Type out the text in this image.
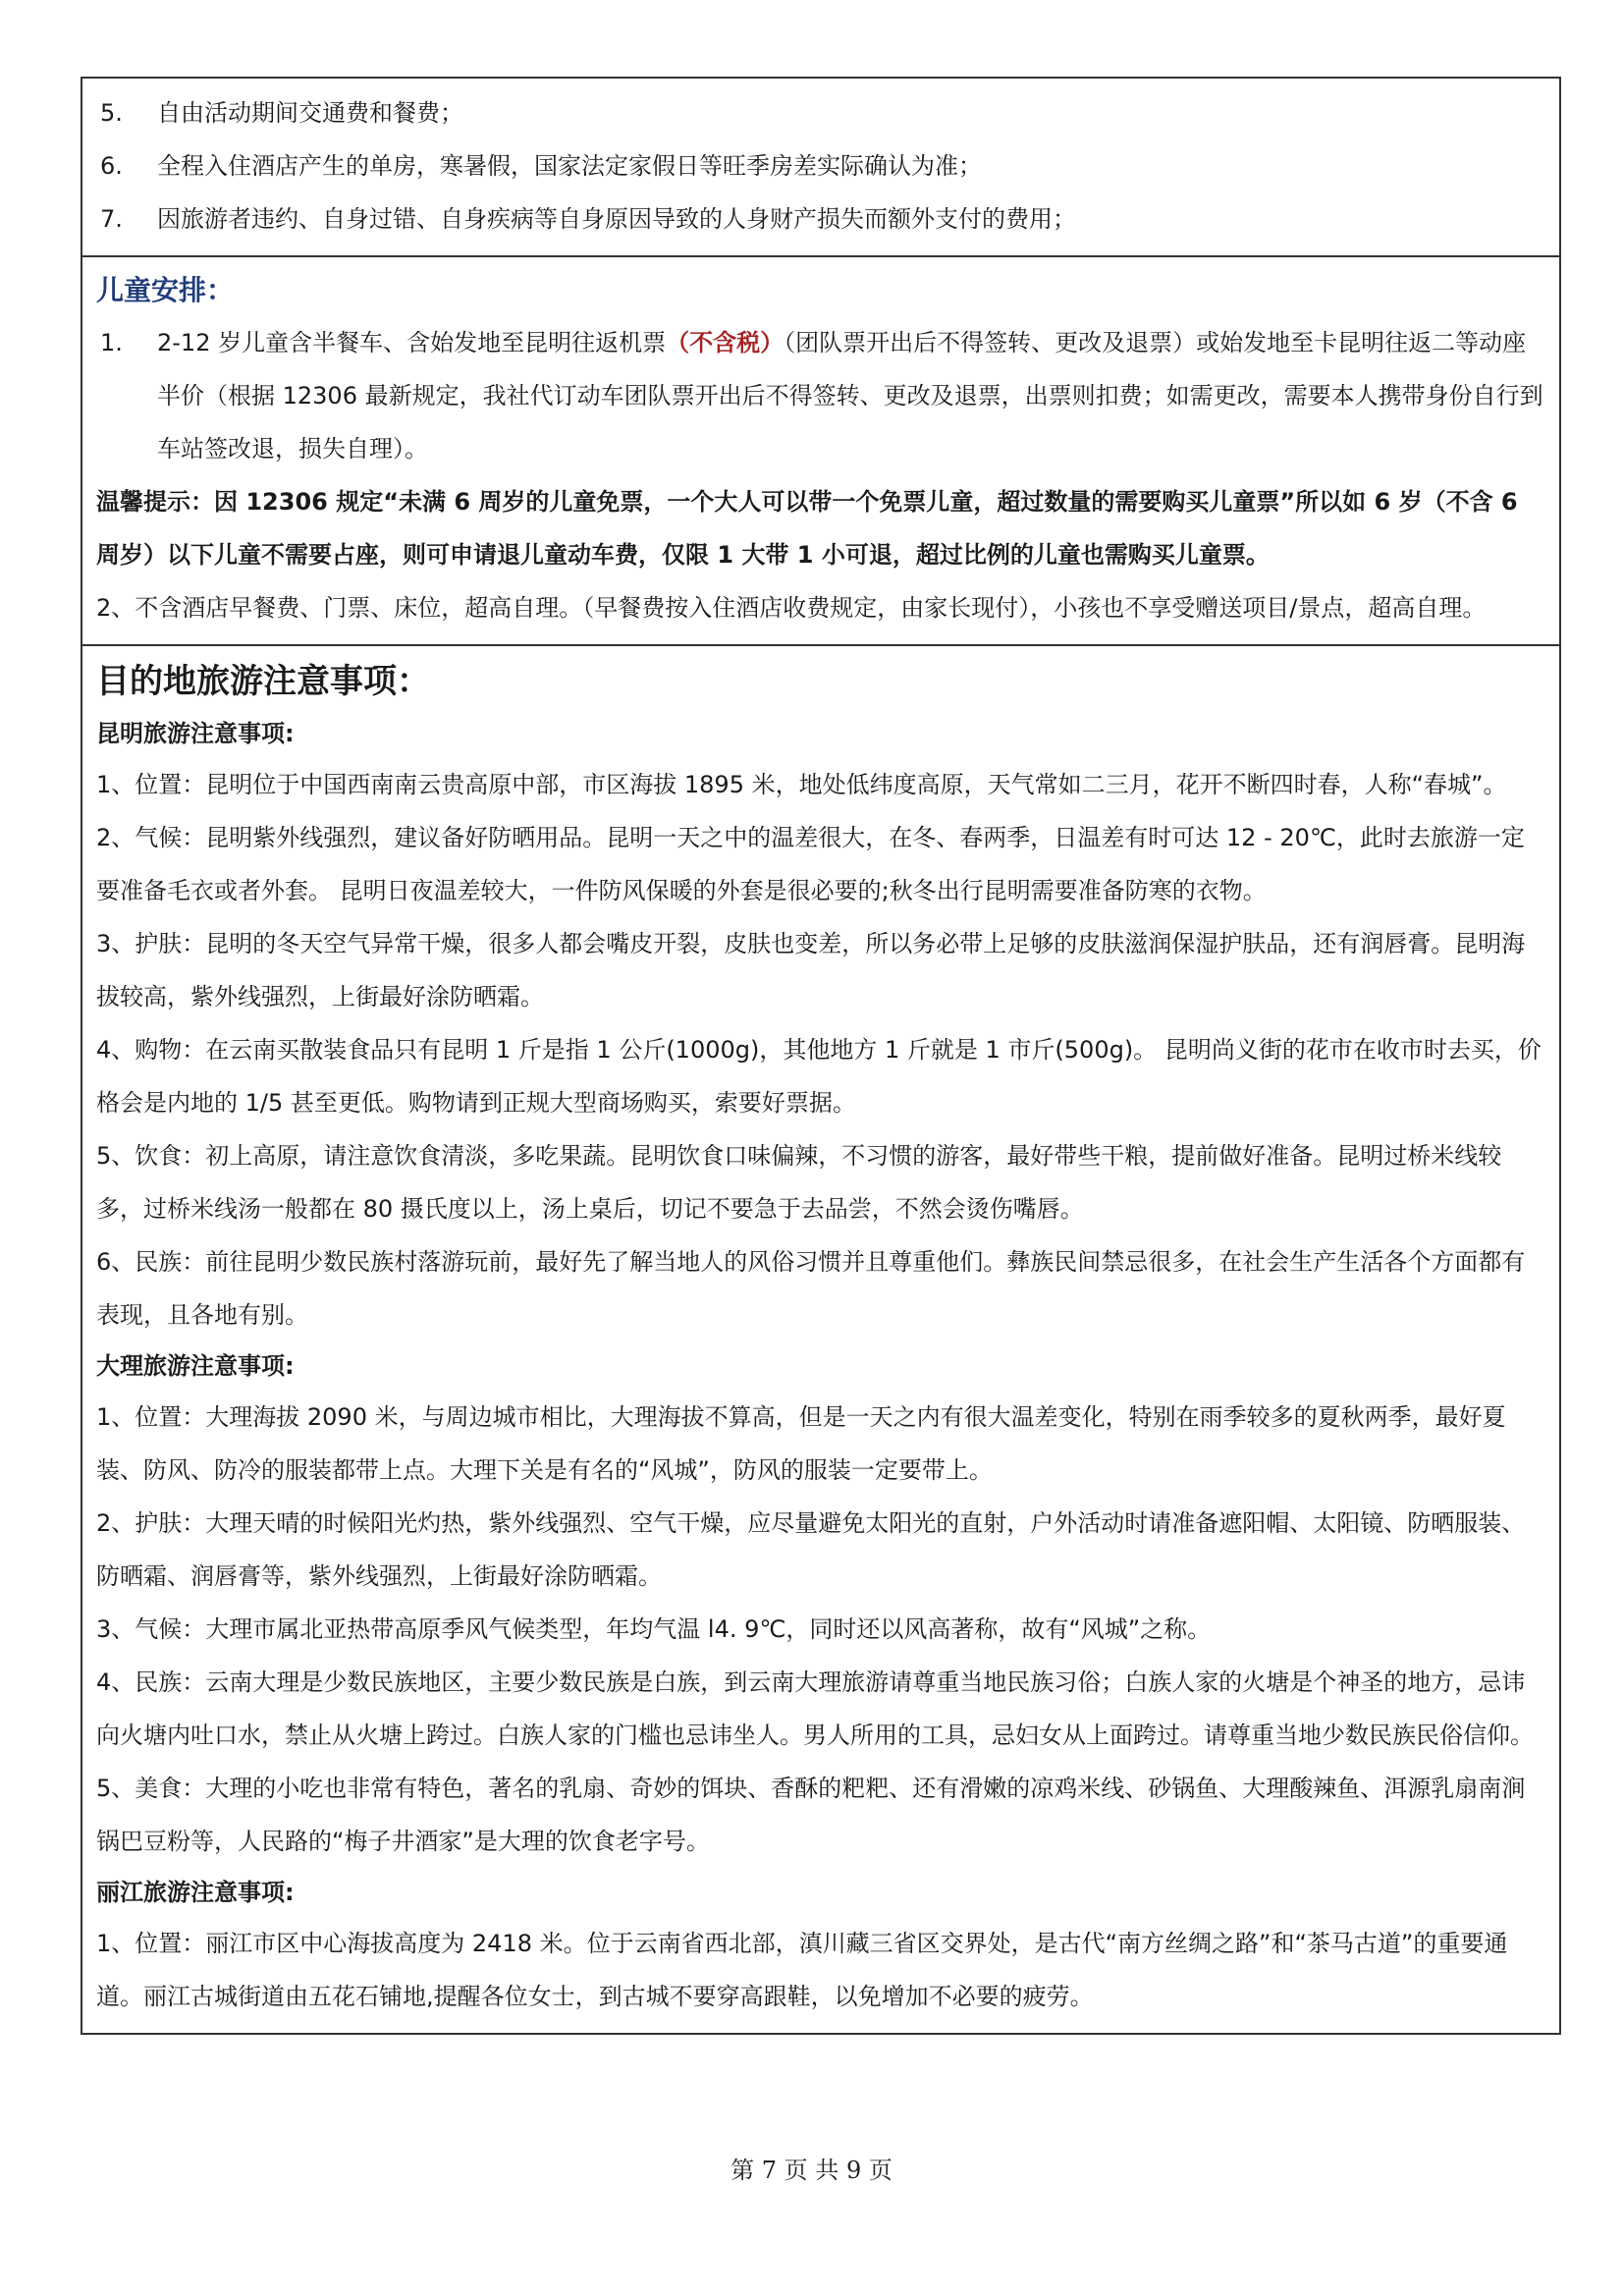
5.	自由活动期间交通费和餐费；
6.	全程入住酒店产生的单房，寒暑假，国家法定家假日等旺季房差实际确认为准；
7.	因旅游者违约、自身过错、自身疾病等自身原因导致的人身财产损失而额外支付的费用；
儿童安排：
1.	2-12 岁儿童含半餐车、含始发地至昆明往返机票（不含税）（团队票开出后不得签转、更改及退票）或始发地至卡昆明往返二等动座半价（根据 12306 最新规定，我社代订动车团队票开出后不得签转、更改及退票，出票则扣费；如需更改，需要本人携带身份自行到车站签改退，损失自理）。
温馨提示：因 12306 规定“未满 6 周岁的儿童免票，一个大人可以带一个免票儿童，超过数量的需要购买儿童票”所以如 6 岁（不含 6 周岁）以下儿童不需要占座，则可申请退儿童动车费，仅限 1 大带 1 小可退，超过比例的儿童也需购买儿童票。
2、不含酒店早餐费、门票、床位，超高自理。（早餐费按入住酒店收费规定，由家长现付），小孩也不享受赠送项目/景点，超高自理。
目的地旅游注意事项：
昆明旅游注意事项:
1、位置：昆明位于中国西南南云贵高原中部，市区海拔 1895 米，地处低纬度高原，天气常如二三月，花开不断四时春，人称“春城”。
2、气候：昆明紫外线强烈，建议备好防晒用品。昆明一天之中的温差很大，在冬、春两季，日温差有时可达 12 - 20℃，此时去旅游一定要准备毛衣或者外套。 昆明日夜温差较大，一件防风保暖的外套是很必要的;秋冬出行昆明需要准备防寒的衣物。
3、护肤：昆明的冬天空气异常干燥，很多人都会嘴皮开裂，皮肤也变差，所以务必带上足够的皮肤滋润保湿护肤品，还有润唇膏。昆明海拔较高，紫外线强烈，上街最好涂防晒霜。
4、购物：在云南买散装食品只有昆明 1 斤是指 1 公斤(1000g)，其他地方 1 斤就是 1 市斤(500g)。 昆明尚义街的花市在收市时去买，价格会是内地的 1/5 甚至更低。购物请到正规大型商场购买，索要好票据。
5、饮食：初上高原，请注意饮食清淡，多吃果蔬。昆明饮食口味偏辣，不习惯的游客，最好带些干粮，提前做好准备。昆明过桥米线较多，过桥米线汤一般都在 80 摄氏度以上，汤上桌后，切记不要急于去品尝，不然会烫伤嘴唇。
6、民族：前往昆明少数民族村落游玩前，最好先了解当地人的风俗习惯并且尊重他们。彝族民间禁忌很多，在社会生产生活各个方面都有表现，且各地有别。
大理旅游注意事项:
1、位置：大理海拔 2090 米，与周边城市相比，大理海拔不算高，但是一天之内有很大温差变化，特别在雨季较多的夏秋两季，最好夏装、防风、防冷的服装都带上点。大理下关是有名的“风城”，防风的服装一定要带上。
2、护肤：大理天晴的时候阳光灼热，紫外线强烈、空气干燥，应尽量避免太阳光的直射，户外活动时请准备遮阳帽、太阳镜、防晒服装、防晒霜、润唇膏等，紫外线强烈，上街最好涂防晒霜。
3、气候：大理市属北亚热带高原季风气候类型，年均气温 l4. 9℃，同时还以风高著称，故有“风城”之称。
4、民族：云南大理是少数民族地区，主要少数民族是白族，到云南大理旅游请尊重当地民族习俗；白族人家的火塘是个神圣的地方，忌讳向火塘内吐口水，禁止从火塘上跨过。白族人家的门槛也忌讳坐人。男人所用的工具，忌妇女从上面跨过。请尊重当地少数民族民俗信仰。
5、美食：大理的小吃也非常有特色，著名的乳扇、奇妙的饵块、香酥的粑粑、还有滑嫩的凉鸡米线、砂锅鱼、大理酸辣鱼、洱源乳扇南涧锅巴豆粉等，人民路的“梅子井酒家”是大理的饮食老字号。
丽江旅游注意事项:
1、位置：丽江市区中心海拔高度为 2418 米。位于云南省西北部，滇川藏三省区交界处，是古代“南方丝绸之路”和“茶马古道”的重要通道。丽江古城街道由五花石铺地,提醒各位女士，到古城不要穿高跟鞋，以免增加不必要的疲劳。
第 7 页 共 9 页
